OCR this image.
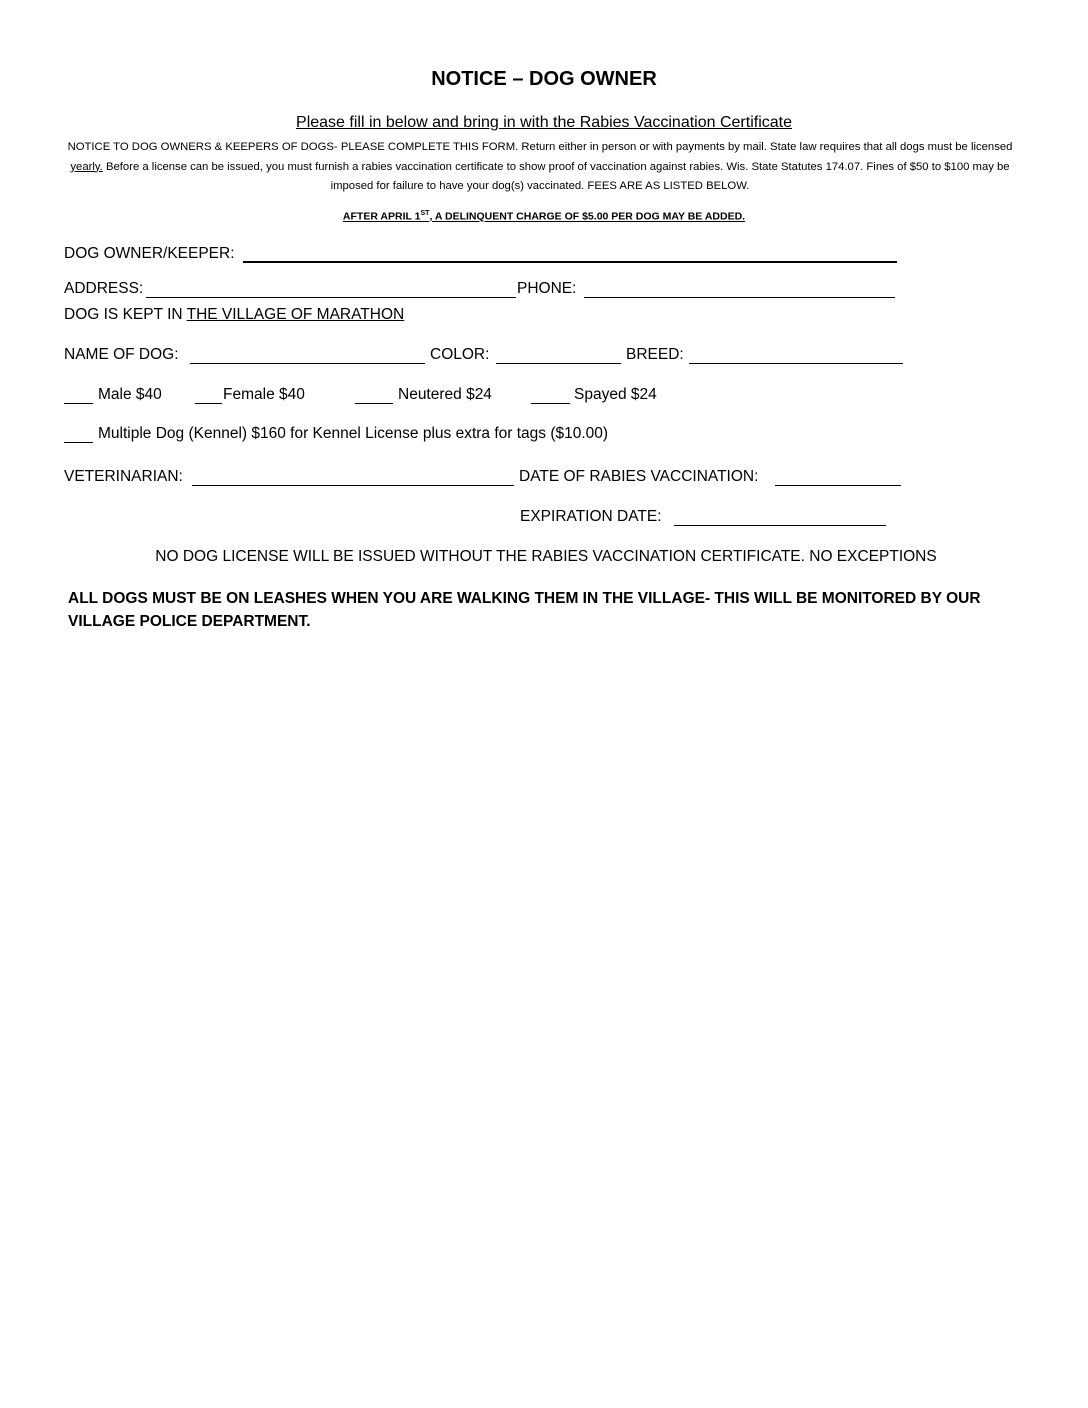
NOTICE – DOG OWNER
Please fill in below and bring in with the Rabies Vaccination Certificate
NOTICE TO DOG OWNERS & KEEPERS OF DOGS- PLEASE COMPLETE THIS FORM. Return either in person or with payments by mail. State law requires that all dogs must be licensed yearly. Before a license can be issued, you must furnish a rabies vaccination certificate to show proof of vaccination against rabies. Wis. State Statutes 174.07. Fines of $50 to $100 may be imposed for failure to have your dog(s) vaccinated. FEES ARE AS LISTED BELOW.
AFTER APRIL 1ST, A DELINQUENT CHARGE OF $5.00 PER DOG MAY BE ADDED.
DOG OWNER/KEEPER:
ADDRESS:	PHONE:
DOG IS KEPT IN THE VILLAGE OF MARATHON
NAME OF DOG:	COLOR:	BREED:
Male $40	Female $40	Neutered $24	Spayed $24
Multiple Dog (Kennel) $160 for Kennel License plus extra for tags ($10.00)
VETERINARIAN:	DATE OF RABIES VACCINATION:
EXPIRATION DATE:
NO DOG LICENSE WILL BE ISSUED WITHOUT THE RABIES VACCINATION CERTIFICATE. NO EXCEPTIONS
ALL DOGS MUST BE ON LEASHES WHEN YOU ARE WALKING THEM IN THE VILLAGE- THIS WILL BE MONITORED BY OUR VILLAGE POLICE DEPARTMENT.
